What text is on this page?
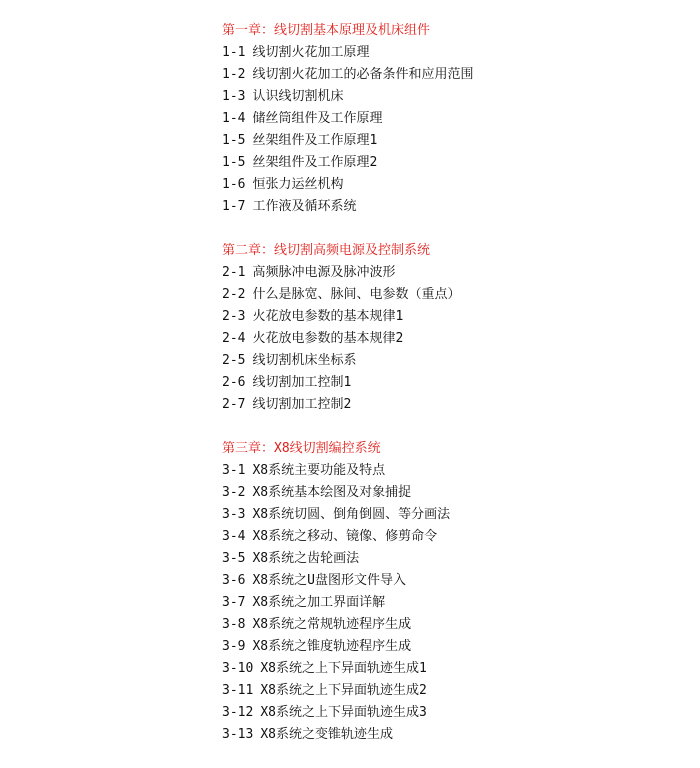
第一章：线切割基本原理及机床组件
1-1 线切割火花加工原理
1-2 线切割火花加工的必备条件和应用范围
1-3 认识线切割机床
1-4 储丝筒组件及工作原理
1-5 丝架组件及工作原理1
1-5 丝架组件及工作原理2
1-6 恒张力运丝机构
1-7 工作液及循环系统
第二章：线切割高频电源及控制系统
2-1 高频脉冲电源及脉冲波形
2-2 什么是脉宽、脉间、电参数（重点）
2-3 火花放电参数的基本规律1
2-4 火花放电参数的基本规律2
2-5 线切割机床坐标系
2-6 线切割加工控制1
2-7 线切割加工控制2
第三章：X8线切割编控系统
3-1 X8系统主要功能及特点
3-2 X8系统基本绘图及对象捕捉
3-3 X8系统切圆、倒角倒圆、等分画法
3-4 X8系统之移动、镜像、修剪命令
3-5 X8系统之齿轮画法
3-6 X8系统之U盘图形文件导入
3-7 X8系统之加工界面详解
3-8 X8系统之常规轨迹程序生成
3-9 X8系统之锥度轨迹程序生成
3-10 X8系统之上下异面轨迹生成1
3-11 X8系统之上下异面轨迹生成2
3-12 X8系统之上下异面轨迹生成3
3-13 X8系统之变锥轨迹生成
